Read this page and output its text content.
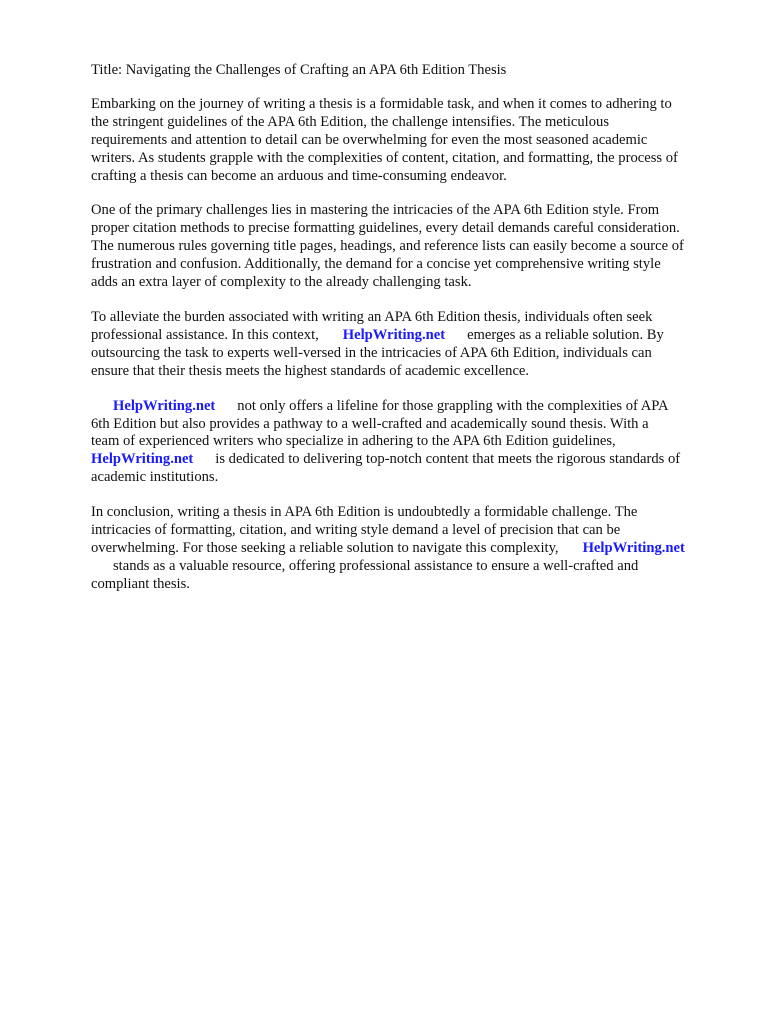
Title: Navigating the Challenges of Crafting an APA 6th Edition Thesis
Embarking on the journey of writing a thesis is a formidable task, and when it comes to adhering to
the stringent guidelines of the APA 6th Edition, the challenge intensifies. The meticulous
requirements and attention to detail can be overwhelming for even the most seasoned academic
writers. As students grapple with the complexities of content, citation, and formatting, the process of
crafting a thesis can become an arduous and time-consuming endeavor.
One of the primary challenges lies in mastering the intricacies of the APA 6th Edition style. From
proper citation methods to precise formatting guidelines, every detail demands careful consideration.
The numerous rules governing title pages, headings, and reference lists can easily become a source of
frustration and confusion. Additionally, the demand for a concise yet comprehensive writing style
adds an extra layer of complexity to the already challenging task.
To alleviate the burden associated with writing an APA 6th Edition thesis, individuals often seek
professional assistance. In this context, HelpWriting.net emerges as a reliable solution. By
outsourcing the task to experts well-versed in the intricacies of APA 6th Edition, individuals can
ensure that their thesis meets the highest standards of academic excellence.
HelpWriting.net not only offers a lifeline for those grappling with the complexities of APA
6th Edition but also provides a pathway to a well-crafted and academically sound thesis. With a
team of experienced writers who specialize in adhering to the APA 6th Edition guidelines,
HelpWriting.net is dedicated to delivering top-notch content that meets the rigorous standards of
academic institutions.
In conclusion, writing a thesis in APA 6th Edition is undoubtedly a formidable challenge. The
intricacies of formatting, citation, and writing style demand a level of precision that can be
overwhelming. For those seeking a reliable solution to navigate this complexity, HelpWriting.net
stands as a valuable resource, offering professional assistance to ensure a well-crafted and
compliant thesis.
